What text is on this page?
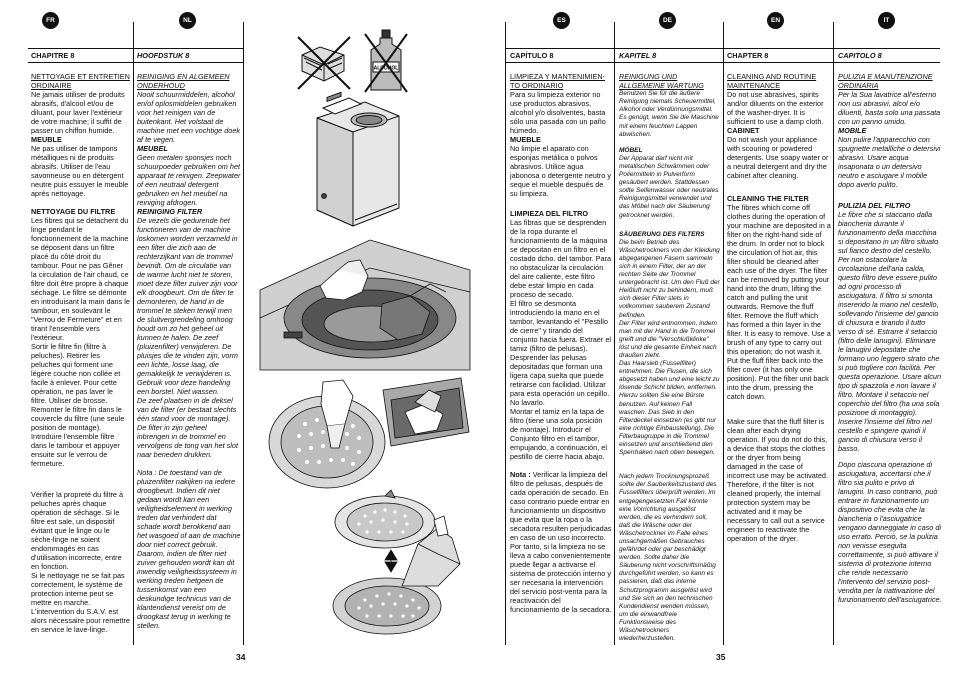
FR	NL	ES	DE	EN	IT
CHAPITRE 8	HOOFDSTUK 8	CAPÍTULO 8	KAPITEL 8	CHAPTER 8	CAPITOLO 8

NETTOYAGE ET ENTRETIEN ORDINAIRE

Ne jamais utiliser de produits abrasifs, d'alcool et/ou de diluant, pour laver l'extérieur de votre machine; il suffit de passer un chiffon humide.

MEUBLE

Ne pas utiliser de tampons métalliques ni de produits abrasifs. Utiliser de l'eau savonneuse ou en détergent neutre puis essuyer le meuble après nettoyage.

NETTOYAGE DU FILTRE

Les fibres qui se détachent du linge pendant le fonctionnement de la machine se déposent dans un filtre placé du côté droit du tambour. Pour ne pas Gêner la circulation de l'air chaud, ce filtre doit être propre à chaque séchage. Le filtre se démonte en introduisant la main dans le tambour, en soulevant le "Verrou de Fermeture" et en tirant l'ensemble vers l'extérieur.

Sortir le filtre fin (filtre à peluches). Retirer les peluches qui forment une légère couche non collée et facile à enlever. Pour cette opération, ne pas laver le filtre. Utiliser de brosse. Remonter le filtre fin dans le couvercle du filtre (une seule position de montage). Introduire l'ensemble filtre dans le tambour et appuyer ensuite sur le verrou de fermeture.

Vérifier la propreté du filtre à peluches après chaque opération de séchage. Si le filtre est sale, un dispositif évitant que le linge ou le sèche-linge ne soient endommagés en cas d'utilisation incorrecte, entre en fonction.

Si le nettoyage ne se fait pas correctement, le système de protection interne peut se mettre en marche. L'intervention du S.A.V. est alors nécessaire pour remettre en service le lave-linge.

REINIGING EN ALGEMEEN ONDERHOUD

Nooit schuurmiddelen, alcohol en/of oplosmiddelen gebruiken voor het reinigen van de buitenkant. Het volstaat de machine met een vochtige doek af te vegen.

MEUBEL

Geen metalen sponsjes noch schuurpoeder gebruiken om het apparaat te reinigen. Zeepwater of een neutraal detergent gebruiken en het meubel na reiniging afdrogen.

REINIGING FILTER

De vezels die gedurende het functioneren van de machine loskomen worden verzameld in een filter die zich aan de rechterzijkant van de trommel bevindt. Om de circulatie van de warme lucht niet te storen, moet deze filter zuiver zijn voor elk droogbeurt. Om de filter te demonteren, de hand in de trommel te steken terwijl men de sluitvergrendeling omhoog houdt om zo het geheel uit kunnen te halen. De zeef (pluizenfilter) verwijderen. De pluisjes die te vinden zijn, vorm een lichte, losse laag, die gemakkelijk te verwijderen is. Gebruik voor deze handeling een borstel. Niet wassen.

De zeef plaatsen in de deksel van de filter (er bestaat slechts één stand voor de montage). De filter in zijn geheel inbrengen in de trommel en vervolgens de tong van het slot naar beneden drukken.

Nota : De toestand van de pluizenfilter nakijken na iedere droogbeurt. Indien dit niet gedaan wordt kan een veiligheidselement in werking treden dat verhindert dat schade wordt berokkend aan het wasgoed of aan de machine door niet correct gebruik. Daarom, indien de filter niet zuiver gehouden wordt kan dit inwendig veiligheidssysteem in werking treden hetgeen de tussenkomst van een deskundige technicus van de klantendienst vereist om de droogkast terug in werking te stellen.

LIMPIEZA Y MANTENIMIEN-TO ORDINARIO

Para su limpieza exterior no use productos abrasivos, alcohol y/o disolventes, basta sólo una pasada con un paño húmedo.

MUEBLE

No limpie el aparato con esponjas metálica o polvos abrasivos. Utilice agua jabonosa o detergente neutro y seque el mueble después de su limpieza.

LIMPIEZA DEL FILTRO

Las fibras que se desprenden de la ropa durante el funcionamiento de la máquina se depositan en un filtro en el costado dcho. del tambor. Para no obstaculizar la circulación del aire caliente, este filtro debe estar limpio en cada proceso de secado.

El filtro se desmonta introduciendo la mano en el tambor, levantando el "Pestillo de cierre" y tirando del conjunto hacia fuera. Extraer el tamiz (filtro de pelusas). Desprender las pelusas depositadas que forman una ligera capa suelta que puede retirarse con facilidad. Utilizar para esta operación un cepillo. No lavarlo.

Montar el tamiz en la tapa de filtro (tiene una sola posición de montaje). Introducir el Conjunto filtro en el tambor, empujando, a continuación, el pestillo de cierre hacia abajo.

Nota : Verificar la limpieza del filtro de pelusas, después de cada operación de secado. En caso contrario puede entrar en funcionamiento un dispositivo que evita que la ropa o la secadora resulten perjudicadas en caso de un uso incorrecto. Por tanto, si la limpieza no se lleva a cabo convenientemente puede llegar a activarse el sistema de protección interno y ser necesaria la intervención del servicio post-venta para la reactivación del funcionamiento de la secadora.

REINIGUNG UND ALLGEMEINE WARTUNG

Benutzen Sie für die äußere Reinigung niemals Scheuermittel, Alkohol oder Verdünnungsmittel. Es genügt, wenn Sie die Maschine mit einem feuchten Lappen abwischen.

MÖBEL

Der Apparat darf nicht mit metallischen Schwämmen oder Poliermitteln in Pulverform gesäubert werden. Stattdessen sollte Seifenwasser oder neutrales Reinigungsmittel verwendet und das Möbel nach der Säuberung getrocknet werden.

SÄUBERUNG DES FILTERS

Die beim Betrieb des Wäschetrockners von der Kleidung abgegangenen Fasern sammeln sich in einem Filter, der an der rechten Seite der Trommel untergebracht ist. Um den Fluß der Heißluft nicht zu behindern, muß sich dieser Filter stets in vollkommen sauberem Zustand befinden.

Der Filter wird entnommen, indem man mit der Hand in die Trommel greift und die "Verschlußklinke" löst und die gesamte Einheit nach draußen zieht.

Das Haarsieb (Fusselfilter) entnehmen. Die Flusen, die sich abgesetzt haben und eine leicht zu lösende Schicht bilden, entfernen. Hierzu sollten Sie eine Bürste benutzen. Auf keinen Fall waschen. Das Sieb in den Filterdeckel einsetzen (es gibt nur eine richtige Einbaustellung). Die Filterbaugruppe in die Trommel einsetzen und anschließend den Sperrhaken nach oben bewegen.

Nach jedem Trocknungsprozeß sollte der Sauberkeitszustand des Fusselfilters überprüft werden. Im entgegengesetzten Fall könnte eine Vorrichtung ausgelöst werden, die es verhindern soll, daß die Wäsche oder der Wäschetrockner im Falle eines unsachgemäßen Gebrauches gefährdet oder gar beschädigt werden. Sollte daher die Säuberung nicht vorschriftsmäßig durchgeführt werden, so kann es passieren, daß das interne Schutzprogramm ausgelöst wird und Sie sich an den technischen Kundendienst wenden müssen, um die einwandfreie Funktionsweise des Wäschetrockners wiederherzustellen.

CLEANING AND ROUTINE MAINTENANCE

Do not use abrasives, spirits and/or diluents on the exterior of the washer-dryer. It is sufficient to use a damp cloth.

CABINET

Do not wash your appliance with scouring or powdered detergents. Use soapy water or a neutral detergent and dry the cabinet after cleaning.

CLEANING THE FILTER

The fibres which come off clothes during the operation of your machine are deposited in a filter on the right-hand side of the drum. In order not to block the circulation of hot air, this filter should be cleaned after each use of the dryer. The filter can be removed by putting your hand into the drum, lifting the catch and pulling the unit outwards. Remove the fluff filter. Remove the fluff which has formed a thin layer in the filter. It is easy to remove. Use a brush of any type to carry out this operation; do not wash it.

Put the fluff filter back into the filter cover (it has only one position). Put the filter unit back into the drum, pressing the catch down.

Make sure that the fluff filter is clean after each drying operation. If you do not do this, a device that stops the clothes or the dryer from being damaged in the case of incorrect use may be activated. Therefore, if the filter is not cleaned properly, the internal protection system may be activated and it may be necessary to call out a service engineer to reactivate the operation of the dryer.

PULIZIA E MANUTENZIONE ORDINARIA

Per la Sua lavatrice all'esterno non usi abrasivi, alcol e/o diluenti, basta solo una passata con un panno umido.

MOBILE

Non pulire l'apparecchio con spugnette metalliche o detersivi abrasivi. Usare acqua insaponata o un detersivo neutro e asciugare il mobile dopo averlo pulito.

PULIZIA DEL FILTRO

Le fibre che si staccano dalla biancheria durante il funzionamento della macchina si depositano in un filtro situato sul fianco destro del cestello. Per non ostacolare la circolazione dell'aria calda, questo filtro deve essere pulito ad ogni processo di asciugatura. Il filtro si smonta inserendo la mano nel cestello, sollevando l'insieme del gancio di chiusura e tirando il tutto verso di sé. Estrarre il setaccio (filtro delle lanugini). Eliminare le lanugini depositate che formano uno leggero strato che si può togliere con facilità. Per questa operazione. Usare alcun tipo di spazzola e non lavare il filtro. Montare il setaccio nel coperchio del filtro (ha una sola posizione di montaggio). Inserire l'insieme del filtro nel cestello e spingere quindi il gancio di chiusura verso il basso.

Dopo ciascuna operazione di asciugatura, accertarsi che il filtro sia pulito e privo di lanugini. In caso contrario, può entrare in funzionamento un dispositivo che evita che la biancheria o l'asciugatrice vengano danneggiate in caso di uso errato. Perciò, se la pulizia non venisse eseguita correttamente, si può attivare il sistema di protezione interno che rende necessario l'intervento del servizio post-vendita per la riattivazione del funzionamento dell'asciugatrice.

ALCOHOL
34	35
